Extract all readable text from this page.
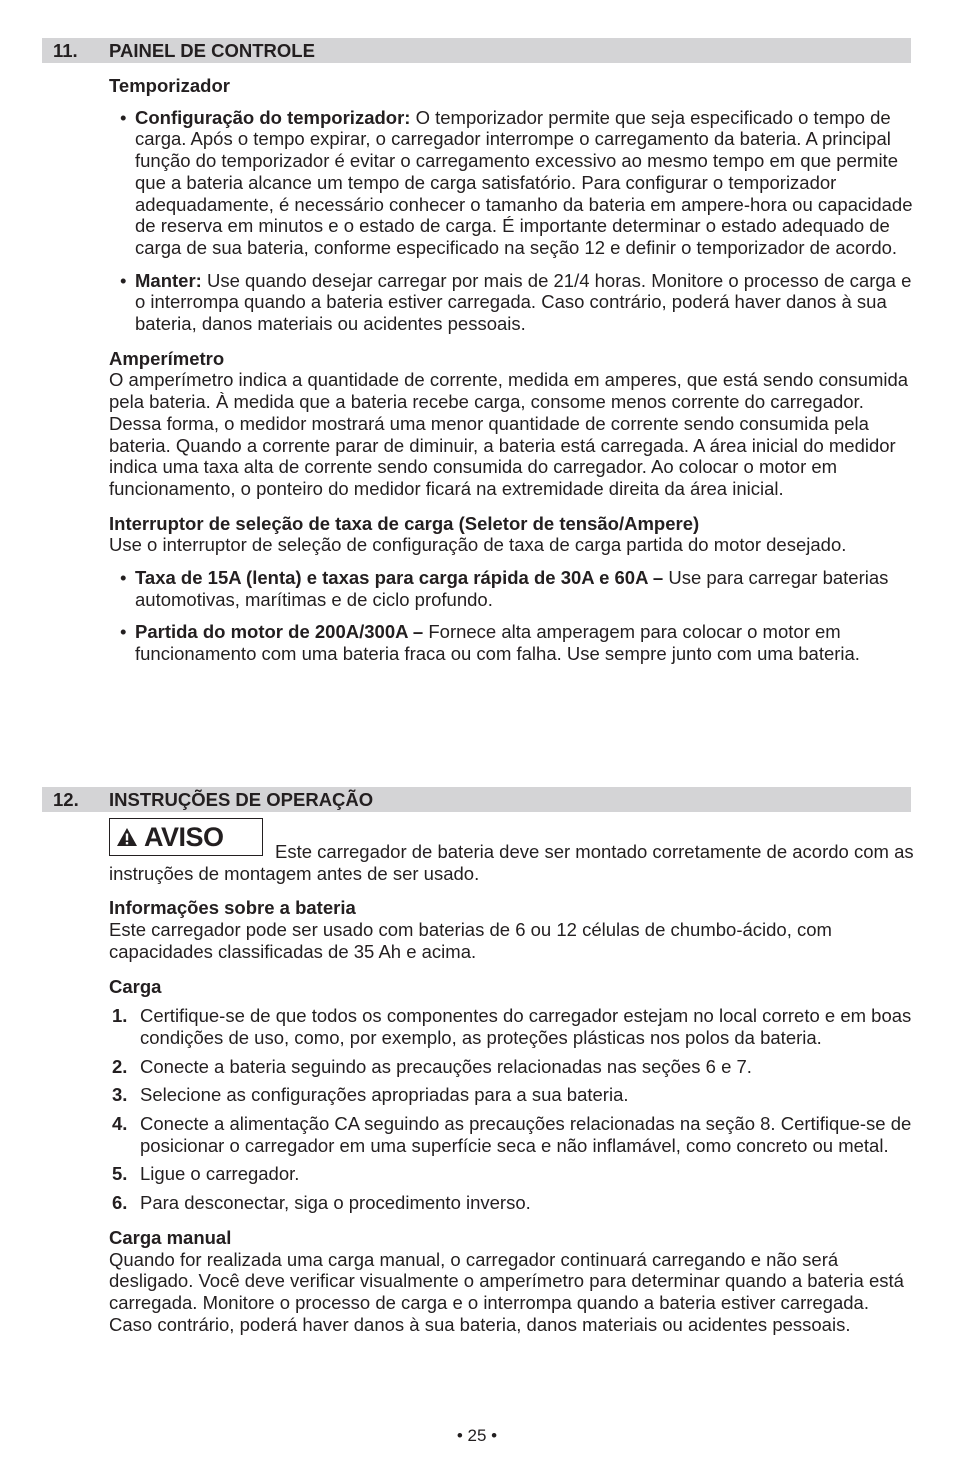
11. PAINEL DE CONTROLE

Temporizador

• Configuração do temporizador: O temporizador permite que seja especificado o tempo de carga. Após o tempo expirar, o carregador interrompe o carregamento da bateria. A principal função do temporizador é evitar o carregamento excessivo ao mesmo tempo em que permite que a bateria alcance um tempo de carga satisfatório. Para configurar o temporizador adequadamente, é necessário conhecer o tamanho da bateria em ampere-hora ou capacidade de reserva em minutos e o estado de carga. É importante determinar o estado adequado de carga de sua bateria, conforme especificado na seção 12 e definir o temporizador de acordo.
• Manter: Use quando desejar carregar por mais de 21/4 horas. Monitore o processo de carga e o interrompa quando a bateria estiver carregada. Caso contrário, poderá haver danos à sua bateria, danos materiais ou acidentes pessoais.

Amperímetro

O amperímetro indica a quantidade de corrente, medida em amperes, que está sendo consumida pela bateria. À medida que a bateria recebe carga, consome menos corrente do carregador. Dessa forma, o medidor mostrará uma menor quantidade de corrente sendo consumida pela bateria. Quando a corrente parar de diminuir, a bateria está carregada. A área inicial do medidor indica uma taxa alta de corrente sendo consumida do carregador. Ao colocar o motor em funcionamento, o ponteiro do medidor ficará na extremidade direita da área inicial.

Interruptor de seleção de taxa de carga (Seletor de tensão/Ampere)

Use o interruptor de seleção de configuração de taxa de carga partida do motor desejado.

• Taxa de 15A (lenta) e taxas para carga rápida de 30A e 60A – Use para carregar baterias automotivas, marítimas e de ciclo profundo.
• Partida do motor de 200A/300A – Fornece alta amperagem para colocar o motor em funcionamento com uma bateria fraca ou com falha. Use sempre junto com uma bateria.
12. INSTRUÇÕES DE OPERAÇÃO
AVISO	Este carregador de bateria deve ser montado corretamente de acordo com as instruções de montagem antes de ser usado.

Informações sobre a bateria

Este carregador pode ser usado com baterias de 6 ou 12 células de chumbo-ácido, com capacidades classificadas de 35 Ah e acima.

Carga

1. Certifique-se de que todos os componentes do carregador estejam no local correto e em boas condições de uso, como, por exemplo, as proteções plásticas nos polos da bateria.
2. Conecte a bateria seguindo as precauções relacionadas nas seções 6 e 7.
3. Selecione as configurações apropriadas para a sua bateria.
4. Conecte a alimentação CA seguindo as precauções relacionadas na seção 8. Certifique-se de posicionar o carregador em uma superfície seca e não inflamável, como concreto ou metal.
5. Ligue o carregador.
6. Para desconectar, siga o procedimento inverso.

Carga manual

Quando for realizada uma carga manual, o carregador continuará carregando e não será desligado. Você deve verificar visualmente o amperímetro para determinar quando a bateria está carregada. Monitore o processo de carga e o interrompa quando a bateria estiver carregada. Caso contrário, poderá haver danos à sua bateria, danos materiais ou acidentes pessoais.

• 25 •
